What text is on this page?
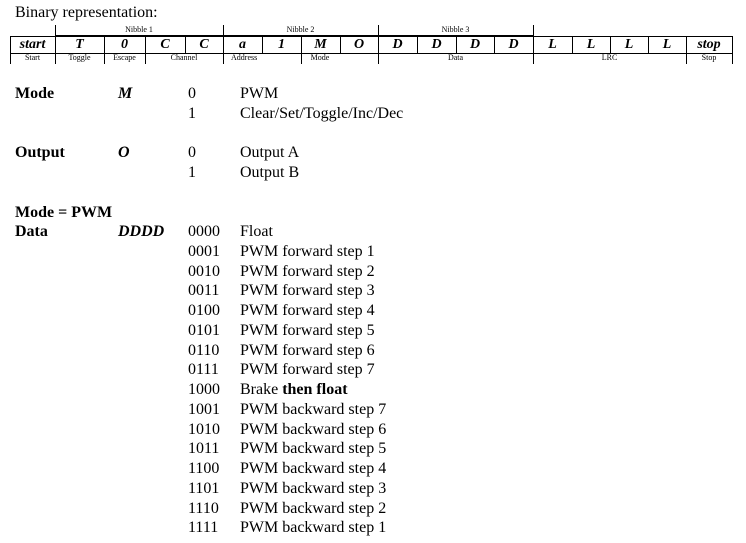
Binary representation:
Nibble 1	Nibble 2	Nibble 3
start	T	0	C	C	a	1	M	O	D	D	D	D	L	L	L	L	stop
Start	Toggle	Escape	Channel	Address	Mode	Data	LRC	Stop
Mode	M	0	PWM
1	Clear/Set/Toggle/Inc/Dec
Output	O	0	Output A
1	Output B
Mode = PWM
Data	DDDD 0000 Float
0001 PWM forward step 1
0010 PWM forward step 2
0011 PWM forward step 3
0100 PWM forward step 4
0101 PWM forward step 5
0110 PWM forward step 6
0111 PWM forward step 7
1000 Brake then float
1001 PWM backward step 7
1010 PWM backward step 6
1011 PWM backward step 5
1100 PWM backward step 4
1101 PWM backward step 3
1110 PWM backward step 2
1111 PWM backward step 1
